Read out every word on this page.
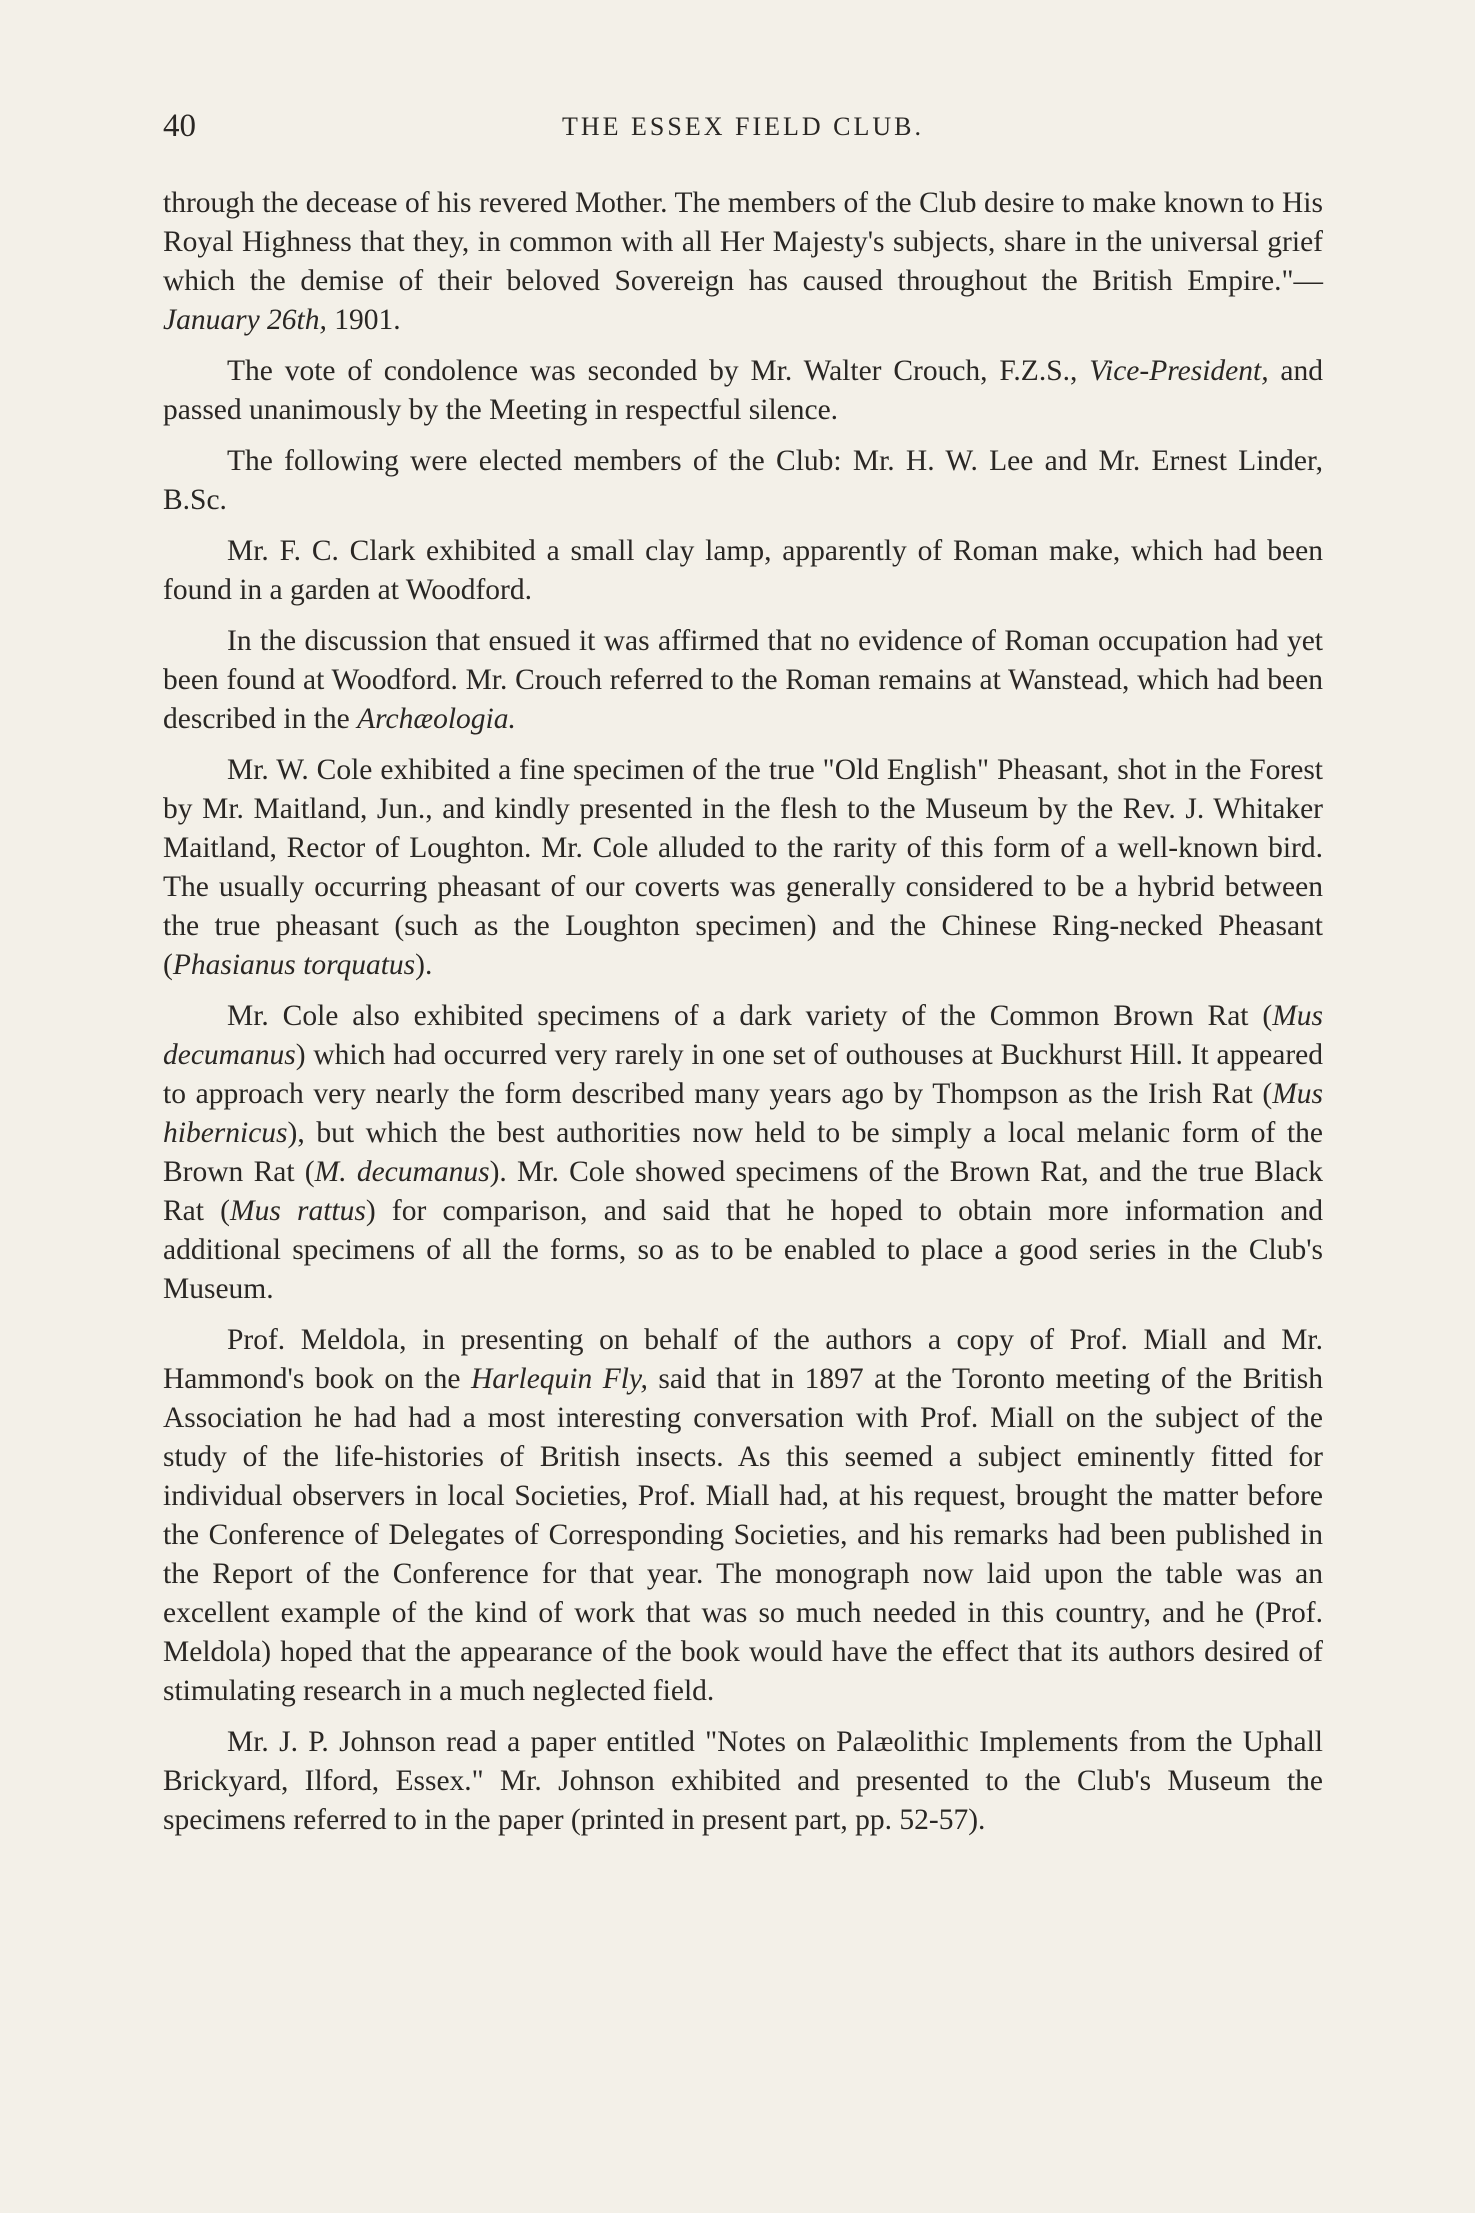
40	THE ESSEX FIELD CLUB.

through the decease of his revered Mother. The members of the Club desire to make known to His Royal Highness that they, in common with all Her Majesty's subjects, share in the universal grief which the demise of their beloved Sovereign has caused throughout the British Empire."—January 26th, 1901.

The vote of condolence was seconded by Mr. Walter Crouch, F.Z.S., Vice-President, and passed unanimously by the Meeting in respectful silence.

The following were elected members of the Club: Mr. H. W. Lee and Mr. Ernest Linder, B.Sc.

Mr. F. C. Clark exhibited a small clay lamp, apparently of Roman make, which had been found in a garden at Woodford.

In the discussion that ensued it was affirmed that no evidence of Roman occupation had yet been found at Woodford. Mr. Crouch referred to the Roman remains at Wanstead, which had been described in the Archæologia.

Mr. W. Cole exhibited a fine specimen of the true "Old English" Pheasant, shot in the Forest by Mr. Maitland, Jun., and kindly presented in the flesh to the Museum by the Rev. J. Whitaker Maitland, Rector of Loughton. Mr. Cole alluded to the rarity of this form of a well-known bird. The usually occurring pheasant of our coverts was generally considered to be a hybrid between the true pheasant (such as the Loughton specimen) and the Chinese Ring-necked Pheasant (Phasianus torquatus).

Mr. Cole also exhibited specimens of a dark variety of the Common Brown Rat (Mus decumanus) which had occurred very rarely in one set of outhouses at Buckhurst Hill. It appeared to approach very nearly the form described many years ago by Thompson as the Irish Rat (Mus hibernicus), but which the best authorities now held to be simply a local melanic form of the Brown Rat (M. decumanus). Mr. Cole showed specimens of the Brown Rat, and the true Black Rat (Mus rattus) for comparison, and said that he hoped to obtain more information and additional specimens of all the forms, so as to be enabled to place a good series in the Club's Museum.

Prof. Meldola, in presenting on behalf of the authors a copy of Prof. Miall and Mr. Hammond's book on the Harlequin Fly, said that in 1897 at the Toronto meeting of the British Association he had had a most interesting conversation with Prof. Miall on the subject of the study of the life-histories of British insects. As this seemed a subject eminently fitted for individual observers in local Societies, Prof. Miall had, at his request, brought the matter before the Conference of Delegates of Corresponding Societies, and his remarks had been published in the Report of the Conference for that year. The monograph now laid upon the table was an excellent example of the kind of work that was so much needed in this country, and he (Prof. Meldola) hoped that the appearance of the book would have the effect that its authors desired of stimulating research in a much neglected field.

Mr. J. P. Johnson read a paper entitled "Notes on Palæolithic Implements from the Uphall Brickyard, Ilford, Essex." Mr. Johnson exhibited and presented to the Club's Museum the specimens referred to in the paper (printed in present part, pp. 52-57).
